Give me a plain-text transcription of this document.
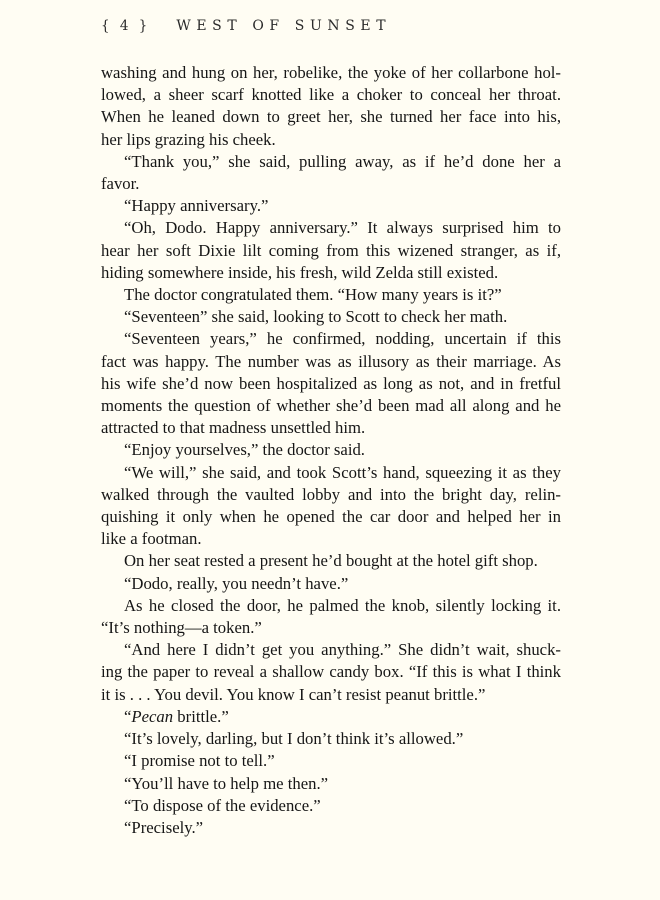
{ 4 } WEST OF SUNSET
washing and hung on her, robelike, the yoke of her collarbone hol-
lowed, a sheer scarf knotted like a choker to conceal her throat.
When he leaned down to greet her, she turned her face into his,
her lips grazing his cheek.
“Thank you,” she said, pulling away, as if he’d done her a
favor.
“Happy anniversary.”
“Oh, Dodo. Happy anniversary.” It always surprised him to
hear her soft Dixie lilt coming from this wizened stranger, as if,
hiding somewhere inside, his fresh, wild Zelda still existed.
The doctor congratulated them. “How many years is it?”
“Seventeen” she said, looking to Scott to check her math.
“Seventeen years,” he confirmed, nodding, uncertain if this
fact was happy. The number was as illusory as their marriage. As
his wife she’d now been hospitalized as long as not, and in fretful
moments the question of whether she’d been mad all along and he
attracted to that madness unsettled him.
“Enjoy yourselves,” the doctor said.
“We will,” she said, and took Scott’s hand, squeezing it as they
walked through the vaulted lobby and into the bright day, relin-
quishing it only when he opened the car door and helped her in
like a footman.
On her seat rested a present he’d bought at the hotel gift shop.
“Dodo, really, you needn’t have.”
As he closed the door, he palmed the knob, silently locking it.
“It’s nothing—a token.”
“And here I didn’t get you anything.” She didn’t wait, shuck-
ing the paper to reveal a shallow candy box. “If this is what I think
it is . . . You devil. You know I can’t resist peanut brittle.”
“Pecan brittle.”
“It’s lovely, darling, but I don’t think it’s allowed.”
“I promise not to tell.”
“You’ll have to help me then.”
“To dispose of the evidence.”
“Precisely.”
